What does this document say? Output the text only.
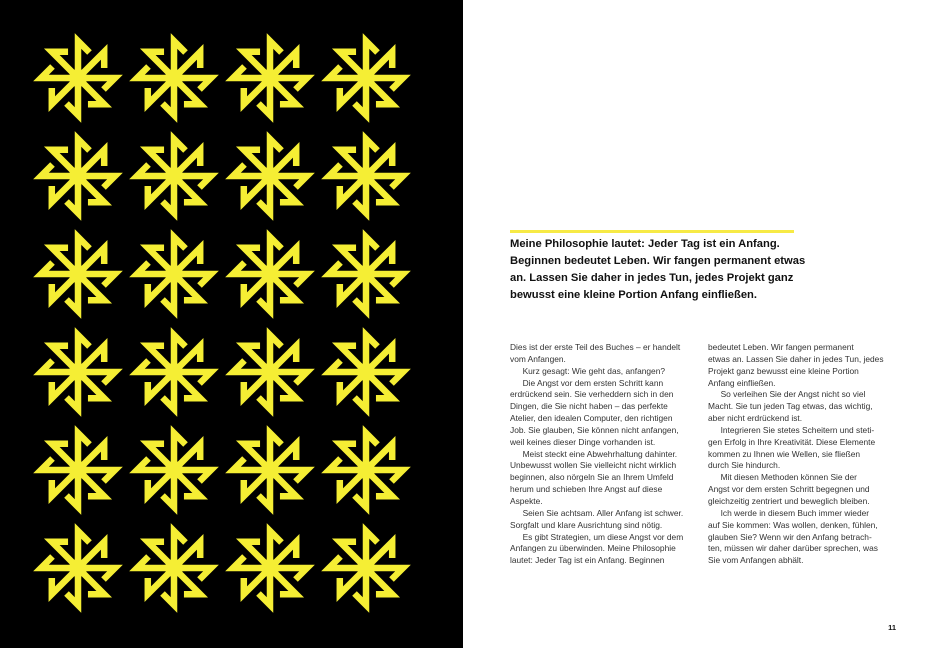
Meine Philosophie lautet: Jeder Tag ist ein Anfang.
Beginnen bedeutet Leben. Wir fangen permanent etwas
an. Lassen Sie daher in jedes Tun, jedes Projekt ganz
bewusst eine kleine Portion Anfang einfließen.
Dies ist der erste Teil des Buches – er handelt
vom Anfangen.
  Kurz gesagt: Wie geht das, anfangen?
  Die Angst vor dem ersten Schritt kann
erdrückend sein. Sie verheddern sich in den
Dingen, die Sie nicht haben – das perfekte
Atelier, den idealen Computer, den richtigen
Job. Sie glauben, Sie können nicht anfangen,
weil keines dieser Dinge vorhanden ist.
  Meist steckt eine Abwehrhaltung dahinter.
Unbewusst wollen Sie vielleicht nicht wirklich
beginnen, also nörgeln Sie an Ihrem Umfeld
herum und schieben Ihre Angst auf diese
Aspekte.
  Seien Sie achtsam. Aller Anfang ist schwer.
Sorgfalt und klare Ausrichtung sind nötig.
  Es gibt Strategien, um diese Angst vor dem
Anfangen zu überwinden. Meine Philosophie
lautet: Jeder Tag ist ein Anfang. Beginnen
bedeutet Leben. Wir fangen permanent
etwas an. Lassen Sie daher in jedes Tun, jedes
Projekt ganz bewusst eine kleine Portion
Anfang einfließen.
  So verleihen Sie der Angst nicht so viel
Macht. Sie tun jeden Tag etwas, das wichtig,
aber nicht erdrückend ist.
  Integrieren Sie stetes Scheitern und steti-
gen Erfolg in Ihre Kreativität. Diese Elemente
kommen zu Ihnen wie Wellen, sie fließen
durch Sie hindurch.
  Mit diesen Methoden können Sie der
Angst vor dem ersten Schritt begegnen und
gleichzeitig zentriert und beweglich bleiben.
  Ich werde in diesem Buch immer wieder
auf Sie kommen: Was wollen, denken, fühlen,
glauben Sie? Wenn wir den Anfang betrach-
ten, müssen wir daher darüber sprechen, was
Sie vom Anfangen abhält.
11
